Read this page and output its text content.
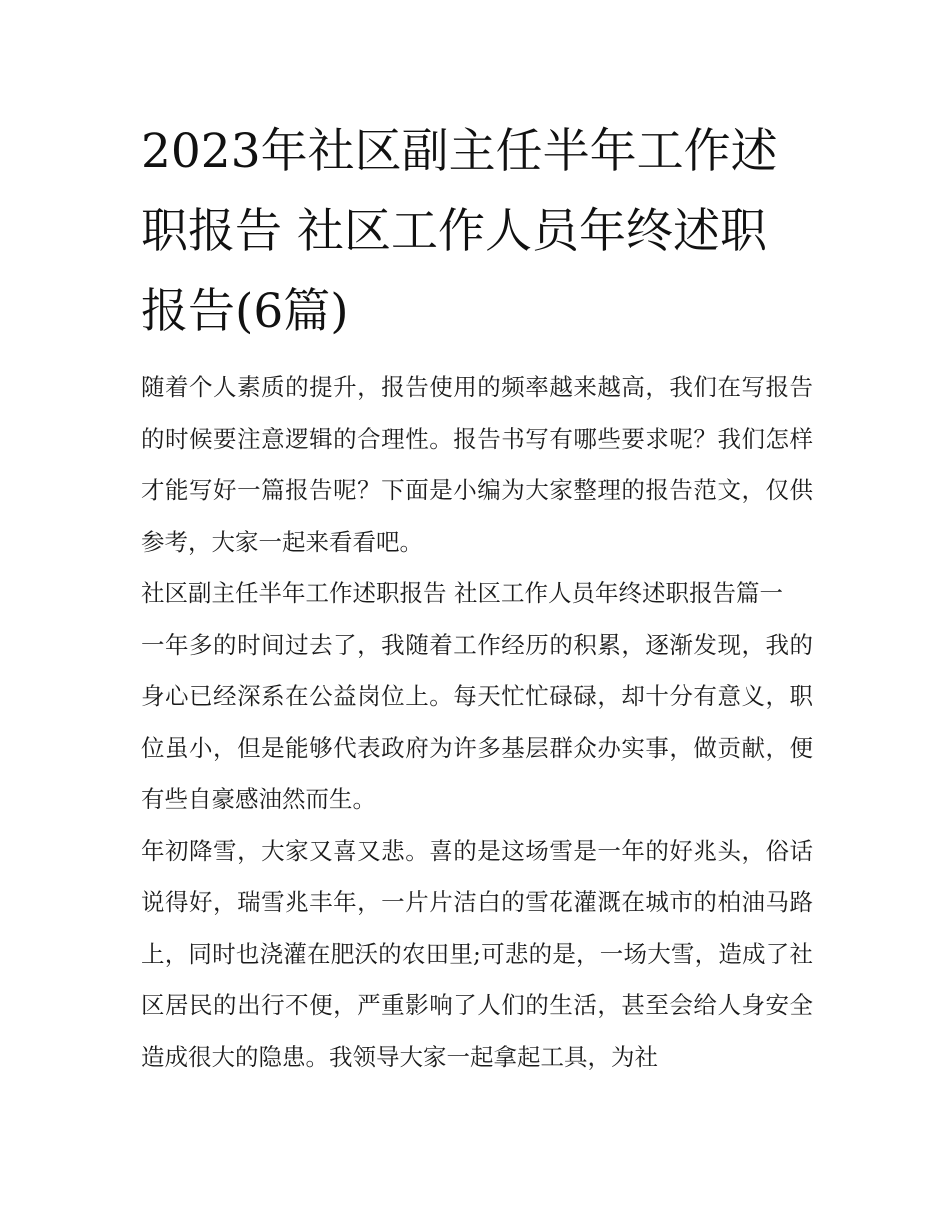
2023年社区副主任半年工作述职报告 社区工作人员年终述职报告(6篇)

随着个人素质的提升，报告使用的频率越来越高，我们在写报告的时候要注意逻辑的合理性。报告书写有哪些要求呢？我们怎样才能写好一篇报告呢？下面是小编为大家整理的报告范文，仅供参考，大家一起来看看吧。

社区副主任半年工作述职报告 社区工作人员年终述职报告篇一

一年多的时间过去了，我随着工作经历的积累，逐渐发现，我的身心已经深系在公益岗位上。每天忙忙碌碌，却十分有意义，职位虽小，但是能够代表政府为许多基层群众办实事，做贡献，便有些自豪感油然而生。

年初降雪，大家又喜又悲。喜的是这场雪是一年的好兆头，俗话说得好，瑞雪兆丰年，一片片洁白的雪花灌溉在城市的柏油马路上，同时也浇灌在肥沃的农田里;可悲的是，一场大雪，造成了社区居民的出行不便，严重影响了人们的生活，甚至会给人身安全造成很大的隐患。我领导大家一起拿起工具，为社
